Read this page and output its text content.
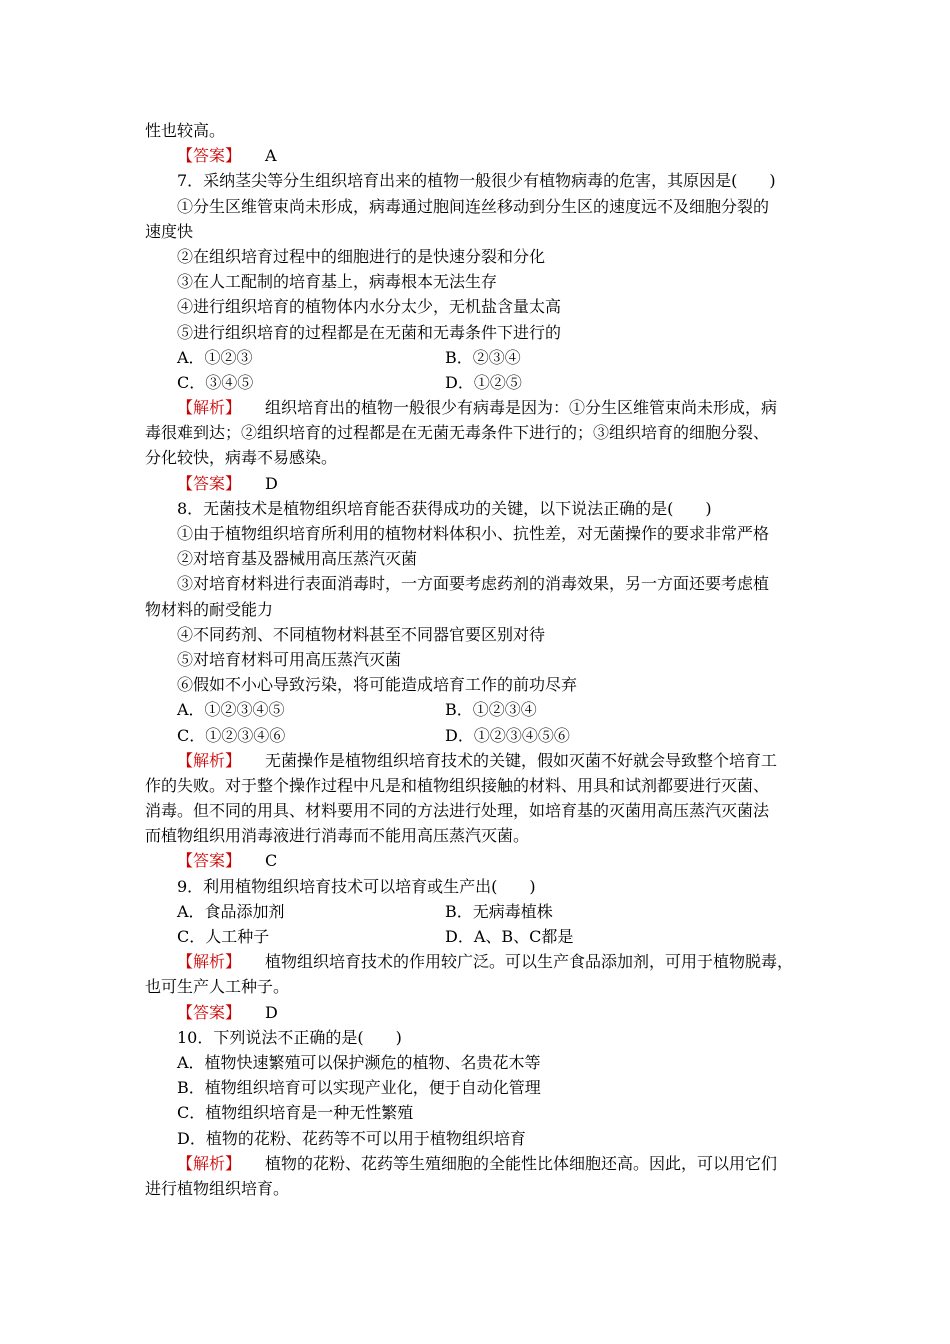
性也较高。
【答案】 A
7．采纳茎尖等分生组织培育出来的植物一般很少有植物病毒的危害，其原因是(　　)
①分生区维管束尚未形成，病毒通过胞间连丝移动到分生区的速度远不及细胞分裂的
速度快
②在组织培育过程中的细胞进行的是快速分裂和分化
③在人工配制的培育基上，病毒根本无法生存
④进行组织培育的植物体内水分太少，无机盐含量太高
⑤进行组织培育的过程都是在无菌和无毒条件下进行的
A．①②③	B．②③④
C．③④⑤	D．①②⑤
【解析】 组织培育出的植物一般很少有病毒是因为：①分生区维管束尚未形成，病
毒很难到达；②组织培育的过程都是在无菌无毒条件下进行的；③组织培育的细胞分裂、
分化较快，病毒不易感染。
【答案】 D
8．无菌技术是植物组织培育能否获得成功的关键，以下说法正确的是(　　)
①由于植物组织培育所利用的植物材料体积小、抗性差，对无菌操作的要求非常严格
②对培育基及器械用高压蒸汽灭菌
③对培育材料进行表面消毒时，一方面要考虑药剂的消毒效果，另一方面还要考虑植
物材料的耐受能力
④不同药剂、不同植物材料甚至不同器官要区别对待
⑤对培育材料可用高压蒸汽灭菌
⑥假如不小心导致污染，将可能造成培育工作的前功尽弃
A．①②③④⑤	B．①②③④
C．①②③④⑥	D．①②③④⑤⑥
【解析】 无菌操作是植物组织培育技术的关键，假如灭菌不好就会导致整个培育工
作的失败。对于整个操作过程中凡是和植物组织接触的材料、用具和试剂都要进行灭菌、
消毒。但不同的用具、材料要用不同的方法进行处理，如培育基的灭菌用高压蒸汽灭菌法
而植物组织用消毒液进行消毒而不能用高压蒸汽灭菌。
【答案】 C
9．利用植物组织培育技术可以培育或生产出(　　)
A．食品添加剂	B．无病毒植株
C．人工种子	D．A、B、C都是
【解析】 植物组织培育技术的作用较广泛。可以生产食品添加剂，可用于植物脱毒，
也可生产人工种子。
【答案】 D
10．下列说法不正确的是(　　)
A．植物快速繁殖可以保护濒危的植物、名贵花木等
B．植物组织培育可以实现产业化，便于自动化管理
C．植物组织培育是一种无性繁殖
D．植物的花粉、花药等不可以用于植物组织培育
【解析】 植物的花粉、花药等生殖细胞的全能性比体细胞还高。因此，可以用它们
进行植物组织培育。
